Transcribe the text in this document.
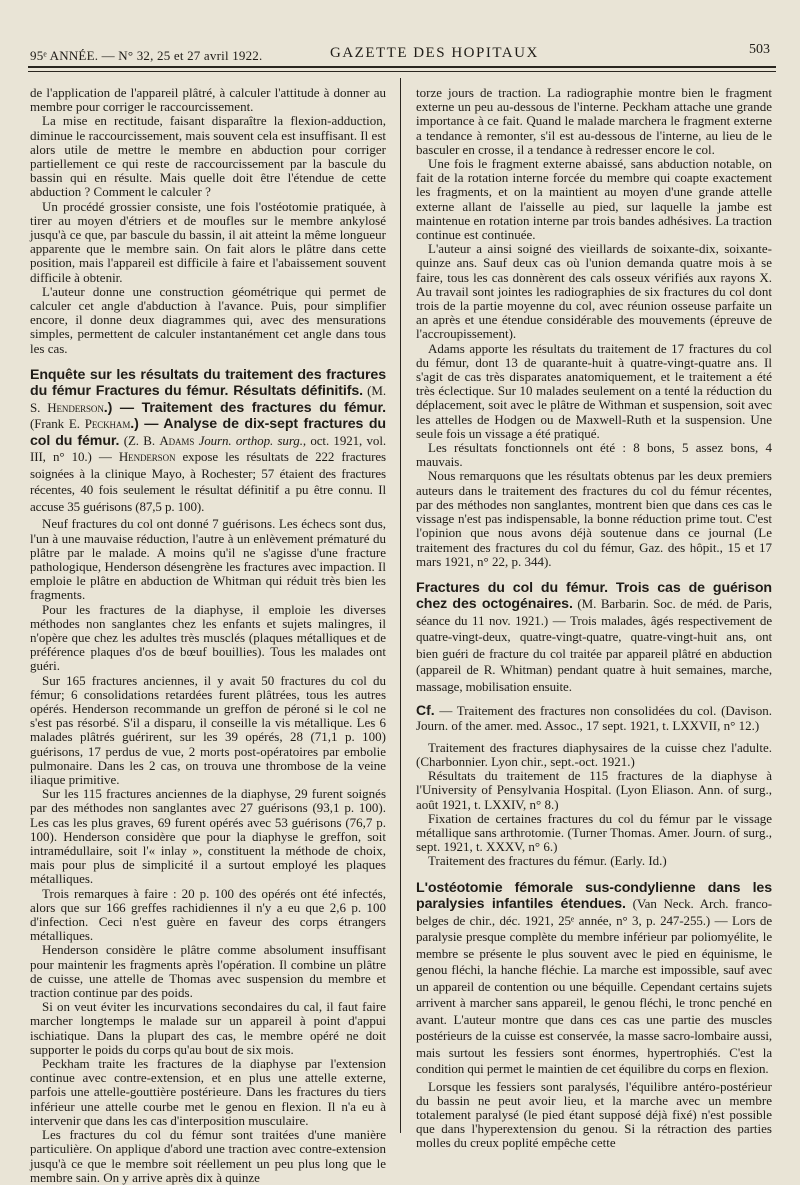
95ᵉ ANNÉE. — N° 32, 25 et 27 avril 1922.	GAZETTE DES HOPITAUX	503

de l'application de l'appareil plâtré, à calculer l'attitude à donner au membre pour corriger le raccourcissement.

La mise en rectitude, faisant disparaître la flexion-adduction, diminue le raccourcissement, mais souvent cela est insuffisant. Il est alors utile de mettre le membre en abduction pour corriger partiellement ce qui reste de raccourcissement par la bascule du bassin qui en résulte. Mais quelle doit être l'étendue de cette abduction ? Comment le calculer ?

Un procédé grossier consiste, une fois l'ostéotomie pratiquée, à tirer au moyen d'étriers et de moufles sur le membre ankylosé jusqu'à ce que, par bascule du bassin, il ait atteint la même longueur apparente que le membre sain. On fait alors le plâtre dans cette position, mais l'appareil est difficile à faire et l'abaissement souvent difficile à obtenir.

L'auteur donne une construction géométrique qui permet de calculer cet angle d'abduction à l'avance. Puis, pour simplifier encore, il donne deux diagrammes qui, avec des mensurations simples, permettent de calculer instantanément cet angle dans tous les cas.

Enquête sur les résultats du traitement des fractures du fémur Fractures du fémur. Résultats définitifs. (M. S. Henderson.) — Traitement des fractures du fémur. (Frank E. Peckham.) — Analyse de dix-sept fractures du col du fémur. (Z. B. Adams Journ. orthop. surg., oct. 1921, vol. III, n° 10.) — Henderson expose les résultats de 222 fractures soignées à la clinique Mayo, à Rochester; 57 étaient des fractures récentes, 40 fois seulement le résultat définitif a pu être connu. Il accuse 35 guérisons (87,5 p. 100).

Neuf fractures du col ont donné 7 guérisons. Les échecs sont dus, l'un à une mauvaise réduction, l'autre à un enlèvement prématuré du plâtre par le malade. A moins qu'il ne s'agisse d'une fracture pathologique, Henderson désengrène les fractures avec impaction. Il emploie le plâtre en abduction de Whitman qui réduit très bien les fragments.

Pour les fractures de la diaphyse, il emploie les diverses méthodes non sanglantes chez les enfants et sujets malingres, il n'opère que chez les adultes très musclés (plaques métalliques et de préférence plaques d'os de bœuf bouillies). Tous les malades ont guéri.

Sur 165 fractures anciennes, il y avait 50 fractures du col du fémur; 6 consolidations retardées furent plâtrées, tous les autres opérés. Henderson recommande un greffon de péroné si le col ne s'est pas résorbé. S'il a disparu, il conseille la vis métallique. Les 6 malades plâtrés guérirent, sur les 39 opérés, 28 (71,1 p. 100) guérisons, 17 perdus de vue, 2 morts post-opératoires par embolie pulmonaire. Dans les 2 cas, on trouva une thrombose de la veine iliaque primitive.

Sur les 115 fractures anciennes de la diaphyse, 29 furent soignés par des méthodes non sanglantes avec 27 guérisons (93,1 p. 100). Les cas les plus graves, 69 furent opérés avec 53 guérisons (76,7 p. 100). Henderson considère que pour la diaphyse le greffon, soit intramédullaire, soit l'« inlay », constituent la méthode de choix, mais pour plus de simplicité il a surtout employé les plaques métalliques.

Trois remarques à faire : 20 p. 100 des opérés ont été infectés, alors que sur 166 greffes rachidiennes il n'y a eu que 2,6 p. 100 d'infection. Ceci n'est guère en faveur des corps étrangers métalliques.

Henderson considère le plâtre comme absolument insuffisant pour maintenir les fragments après l'opération. Il combine un plâtre de cuisse, une attelle de Thomas avec suspension du membre et traction continue par des poids.

Si on veut éviter les incurvations secondaires du cal, il faut faire marcher longtemps le malade sur un appareil à point d'appui ischiatique. Dans la plupart des cas, le membre opéré ne doit supporter le poids du corps qu'au bout de six mois.

Peckham traite les fractures de la diaphyse par l'extension continue avec contre-extension, et en plus une attelle externe, parfois une attelle-gouttière postérieure. Dans les fractures du tiers inférieur une attelle courbe met le genou en flexion. Il n'a eu à intervenir que dans les cas d'interposition musculaire.

Les fractures du col du fémur sont traitées d'une manière particulière. On applique d'abord une traction avec contre-extension jusqu'à ce que le membre soit réellement un peu plus long que le membre sain. On y arrive après dix à quinze

torze jours de traction. La radiographie montre bien le fragment externe un peu au-dessous de l'interne. Peckham attache une grande importance à ce fait. Quand le malade marchera le fragment externe a tendance à remonter, s'il est au-dessous de l'interne, au lieu de le basculer en crosse, il a tendance à redresser encore le col.

Une fois le fragment externe abaissé, sans abduction notable, on fait de la rotation interne forcée du membre qui coapte exactement les fragments, et on la maintient au moyen d'une grande attelle externe allant de l'aisselle au pied, sur laquelle la jambe est maintenue en rotation interne par trois bandes adhésives. La traction continue est continuée.

L'auteur a ainsi soigné des vieillards de soixante-dix, soixante-quinze ans. Sauf deux cas où l'union demanda quatre mois à se faire, tous les cas donnèrent des cals osseux vérifiés aux rayons X. Au travail sont jointes les radiographies de six fractures du col dont trois de la partie moyenne du col, avec réunion osseuse parfaite un an après et une étendue considérable des mouvements (épreuve de l'accroupissement).

Adams apporte les résultats du traitement de 17 fractures du col du fémur, dont 13 de quarante-huit à quatre-vingt-quatre ans. Il s'agit de cas très disparates anatomiquement, et le traitement a été très éclectique. Sur 10 malades seulement on a tenté la réduction du déplacement, soit avec le plâtre de Withman et suspension, soit avec les attelles de Hodgen ou de Maxwell-Ruth et la suspension. Une seule fois un vissage a été pratiqué.

Les résultats fonctionnels ont été : 8 bons, 5 assez bons, 4 mauvais.

Nous remarquons que les résultats obtenus par les deux premiers auteurs dans le traitement des fractures du col du fémur récentes, par des méthodes non sanglantes, montrent bien que dans ces cas le vissage n'est pas indispensable, la bonne réduction prime tout. C'est l'opinion que nous avons déjà soutenue dans ce journal (Le traitement des fractures du col du fémur, Gaz. des hôpit., 15 et 17 mars 1921, n° 22, p. 344).

Fractures du col du fémur. Trois cas de guérison chez des octogénaires. (M. Barbarin. Soc. de méd. de Paris, séance du 11 nov. 1921.) — Trois malades, âgés respectivement de quatre-vingt-deux, quatre-vingt-quatre, quatre-vingt-huit ans, ont bien guéri de fracture du col traitée par appareil plâtré en abduction (appareil de R. Whitman) pendant quatre à huit semaines, marche, massage, mobilisation ensuite.

Cf. — Traitement des fractures non consolidées du col. (Davison. Journ. of the amer. med. Assoc., 17 sept. 1921, t. LXXVII, n° 12.)

Traitement des fractures diaphysaires de la cuisse chez l'adulte. (Charbonnier. Lyon chir., sept.-oct. 1921.)

Résultats du traitement de 115 fractures de la diaphyse à l'University of Pensylvania Hospital. (Lyon Eliason. Ann. of surg., août 1921, t. LXXIV, n° 8.)

Fixation de certaines fractures du col du fémur par le vissage métallique sans arthrotomie. (Turner Thomas. Amer. Journ. of surg., sept. 1921, t. XXXV, n° 6.)

Traitement des fractures du fémur. (Early. Id.)

L'ostéotomie fémorale sus-condylienne dans les paralysies infantiles étendues. (Van Neck. Arch. franco-belges de chir., déc. 1921, 25ᵉ année, n° 3, p. 247-255.) — Lors de paralysie presque complète du membre inférieur par poliomyélite, le membre se présente le plus souvent avec le pied en équinisme, le genou fléchi, la hanche fléchie. La marche est impossible, sauf avec un appareil de contention ou une béquille. Cependant certains sujets arrivent à marcher sans appareil, le genou fléchi, le tronc penché en avant. L'auteur montre que dans ces cas une partie des muscles postérieurs de la cuisse est conservée, la masse sacro-lombaire aussi, mais surtout les fessiers sont énormes, hypertrophiés. C'est la condition qui permet le maintien de cet équilibre du corps en flexion.

Lorsque les fessiers sont paralysés, l'équilibre antéro-postérieur du bassin ne peut avoir lieu, et la marche avec un membre totalement paralysé (le pied étant supposé déjà fixé) n'est possible que dans l'hyperextension du genou. Si la rétraction des parties molles du creux poplité empêche cette
